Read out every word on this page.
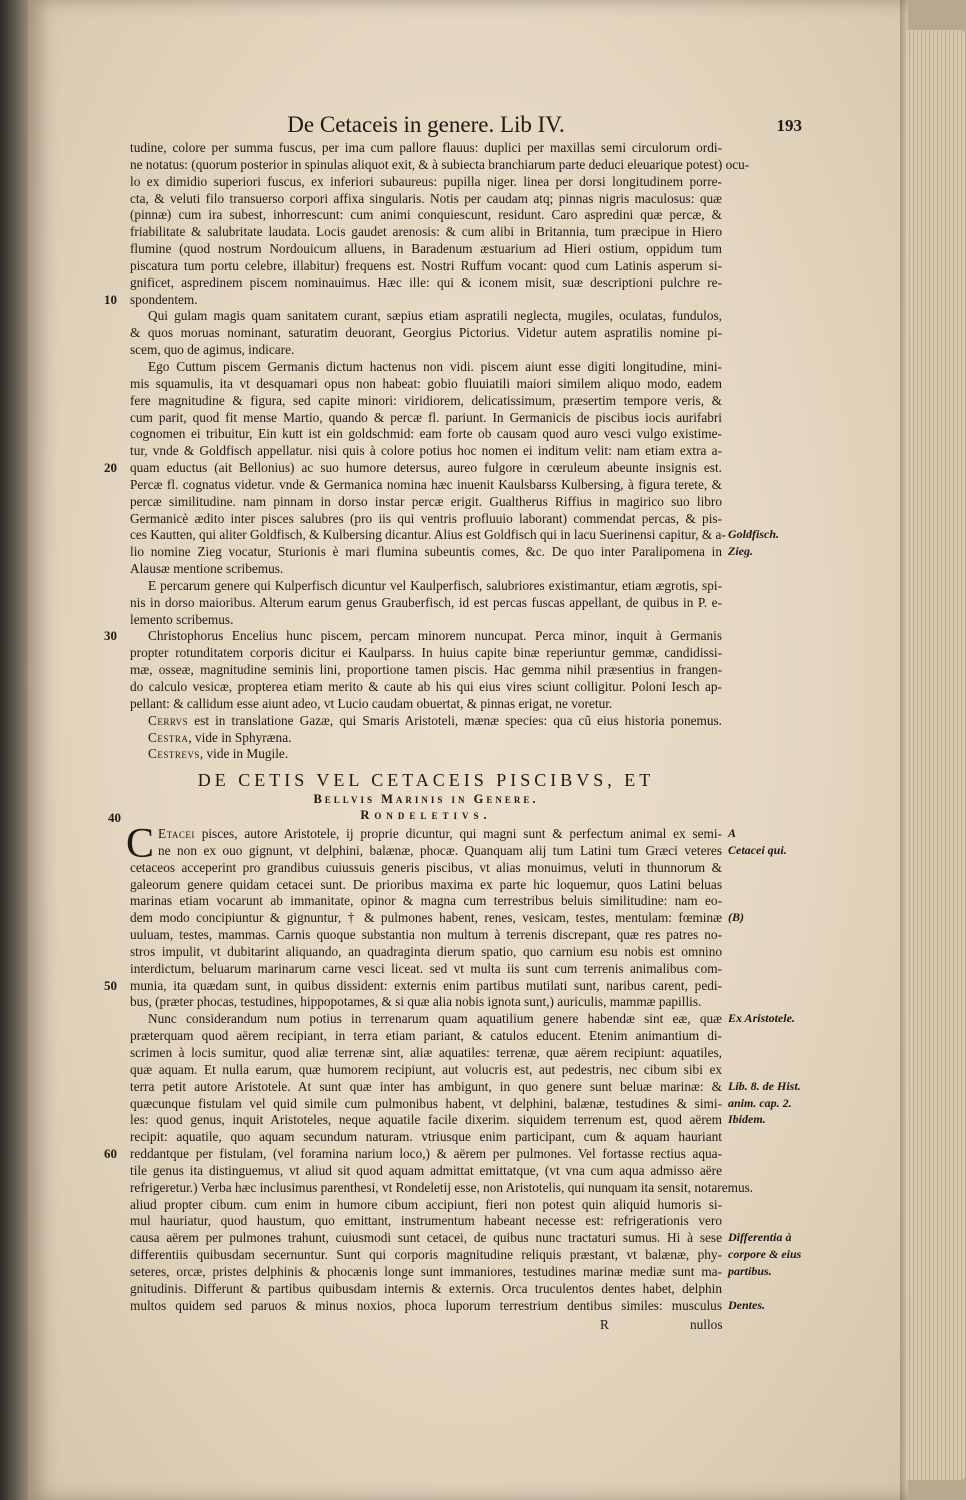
De Cetaceis in genere. Lib IV.	193
tudine, colore per summa fuscus, per ima cum pallore flauus: duplici per maxillas semi circulorum ordi-
ne notatus: (quorum posterior in spinulas aliquot exit, & à subiecta branchiarum parte deduci eleuarique potest) ocu-
lo ex dimidio superiori fuscus, ex inferiori subaureus: pupilla niger. linea per dorsi longitudinem porre-
cta, & veluti filo transuerso corpori affixa singularis. Notis per caudam atq; pinnas nigris maculosus: quæ
(pinnæ) cum ira subest, inhorrescunt: cum animi conquiescunt, residunt. Caro aspredini quæ percæ, &
friabilitate & salubritate laudata. Locis gaudet arenosis: & cum alibi in Britannia, tum præcipue in Hiero
flumine (quod nostrum Nordouicum alluens, in Baradenum æstuarium ad Hieri ostium, oppidum tum
piscatura tum portu celebre, illabitur) frequens est. Nostri Ruffum vocant: quod cum Latinis asperum si-
gnificet, aspredinem piscem nominauimus. Hæc ille: qui & iconem misit, suæ descriptioni pulchre re-
10 spondentem.
Qui gulam magis quam sanitatem curant, sæpius etiam aspratili neglecta, mugiles, oculatas, fundulos,
& quos moruas nominant, saturatim deuorant, Georgius Pictorius. Videtur autem aspratilis nomine pi-
scem, quo de agimus, indicare.
Ego Cuttum piscem Germanis dictum hactenus non vidi. piscem aiunt esse digiti longitudine, mini-
mis squamulis, ita vt desquamari opus non habeat: gobio fluuiatili maiori similem aliquo modo, eadem
fere magnitudine & figura, sed capite minori: viridiorem, delicatissimum, præsertim tempore veris, &
cum parit, quod fit mense Martio, quando & percæ fl. pariunt. In Germanicis de piscibus iocis aurifabri
cognomen ei tribuitur, Ein kutt ist ein goldschmid: eam forte ob causam quod auro vesci vulgo existime-
tur, vnde & Goldfisch appellatur. nisi quis à colore potius hoc nomen ei inditum velit: nam etiam extra a-
20 quam eductus (ait Bellonius) ac suo humore detersus, aureo fulgore in cœruleum abeunte insignis est.
Percæ fl. cognatus videtur. vnde & Germanica nomina hæc inuenit Kaulsbarss Kulbersing, à figura terete, &
percæ similitudine. nam pinnam in dorso instar percæ erigit. Gualtherus Riffius in magirico suo libro
Germanicè ædito inter pisces salubres (pro iis qui ventris profluuio laborant) commendat percas, & pis-
ces Kautten, qui aliter Goldfisch, & Kulbersing dicantur. Alius est Goldfisch qui in lacu Suerinensi capitur, & a- Goldfisch.
lio nomine Zieg vocatur, Sturionis è mari flumina subeuntis comes, &c. De quo inter Paralipomena in Zieg.
Alausæ mentione scribemus.
E percarum genere qui Kulperfisch dicuntur vel Kaulperfisch, salubriores existimantur, etiam ægrotis, spi-
nis in dorso maioribus. Alterum earum genus Grauberfisch, id est percas fuscas appellant, de quibus in P. e-
lemento scribemus.
30 Christophorus Encelius hunc piscem, percam minorem nuncupat. Perca minor, inquit à Germanis
propter rotunditatem corporis dicitur ei Kaulparss. In huius capite binæ reperiuntur gemmæ, candidissi-
mæ, osseæ, magnitudine seminis lini, proportione tamen piscis. Hac gemma nihil præsentius in frangen-
do calculo vesicæ, propterea etiam merito & caute ab his qui eius vires sciunt colligitur. Poloni Iesch ap-
pellant: & callidum esse aiunt adeo, vt Lucio caudam obuertat, & pinnas erigat, ne voretur.
Cerrvs est in translatione Gazæ, qui Smaris Aristoteli, mænæ species: qua cũ eius historia ponemus.
Cestra, vide in Sphyræna.
Cestrevs, vide in Mugile.
DE CETIS VEL CETACEIS PISCIBVS, ET
Bellvis Marinis in Genere.
Rondeletivs.
40
C Etacei pisces, autore Aristotele, ij proprie dicuntur, qui magni sunt & perfectum animal ex semi- A
ne non ex ouo gignunt, vt delphini, balænæ, phocæ. Quanquam alij tum Latini tum Græci veteres Cetacei qui.
cetaceos acceperint pro grandibus cuiussuis generis piscibus, vt alias monuimus, veluti in thunnorum &
galeorum genere quidam cetacei sunt. De prioribus maxima ex parte hic loquemur, quos Latini beluas
marinas etiam vocarunt ab immanitate, opinor & magna cum terrestribus beluis similitudine: nam eo-
dem modo concipiuntur & gignuntur, † & pulmones habent, renes, vesicam, testes, mentulam: fœminæ (B)
uuluam, testes, mammas. Carnis quoque substantia non multum à terrenis discrepant, quæ res patres no-
stros impulit, vt dubitarint aliquando, an quadraginta dierum spatio, quo carnium esu nobis est omnino
interdictum, beluarum marinarum carne vesci liceat. sed vt multa iis sunt cum terrenis animalibus com-
50 munia, ita quædam sunt, in quibus dissident: externis enim partibus mutilati sunt, naribus carent, pedi-
bus, (præter phocas, testudines, hippopotames, & si quæ alia nobis ignota sunt,) auriculis, mammæ papillis.
Nunc considerandum num potius in terrenarum quam aquatilium genere habendæ sint eæ, quæ Ex Aristotele.
præterquam quod aërem recipiant, in terra etiam pariant, & catulos educent. Etenim animantium di-
scrimen à locis sumitur, quod aliæ terrenæ sint, aliæ aquatiles: terrenæ, quæ aërem recipiunt: aquatiles,
quæ aquam. Et nulla earum, quæ humorem recipiunt, aut volucris est, aut pedestris, nec cibum sibi ex
terra petit autore Aristotele. At sunt quæ inter has ambigunt, in quo genere sunt beluæ marinæ: & Lib. 8. de Hist.
quæcunque fistulam vel quid simile cum pulmonibus habent, vt delphini, balænæ, testudines & simi- anim. cap. 2.
les: quod genus, inquit Aristoteles, neque aquatile facile dixerim. siquidem terrenum est, quod aërem Ibidem.
recipit: aquatile, quo aquam secundum naturam. vtriusque enim participant, cum & aquam hauriant
60 reddantque per fistulam, (vel foramina narium loco,) & aërem per pulmones. Vel fortasse rectius aqua-
tile genus ita distinguemus, vt aliud sit quod aquam admittat emittatque, (vt vna cum aqua admisso aëre
refrigeretur.) Verba hæc inclusimus parenthesi, vt Rondeletij esse, non Aristotelis, qui nunquam ita sensit, notaremus.
aliud propter cibum. cum enim in humore cibum accipiunt, fieri non potest quin aliquid humoris si-
mul hauriatur, quod haustum, quo emittant, instrumentum habeant necesse est: refrigerationis vero
causa aërem per pulmones trahunt, cuiusmodi sunt cetacei, de quibus nunc tractaturi sumus. Hi à sese Differentia à
differentiis quibusdam secernuntur. Sunt qui corporis magnitudine reliquis præstant, vt balænæ, phy- corpore & eius
seteres, orcæ, pristes delphinis & phocænis longe sunt immaniores, testudines marinæ mediæ sunt ma- partibus.
gnitudinis. Differunt & partibus quibusdam internis & externis. Orca truculentos dentes habet, delphin
multos quidem sed paruos & minus noxios, phoca luporum terrestrium dentibus similes: musculus Dentes.
R	nullos
